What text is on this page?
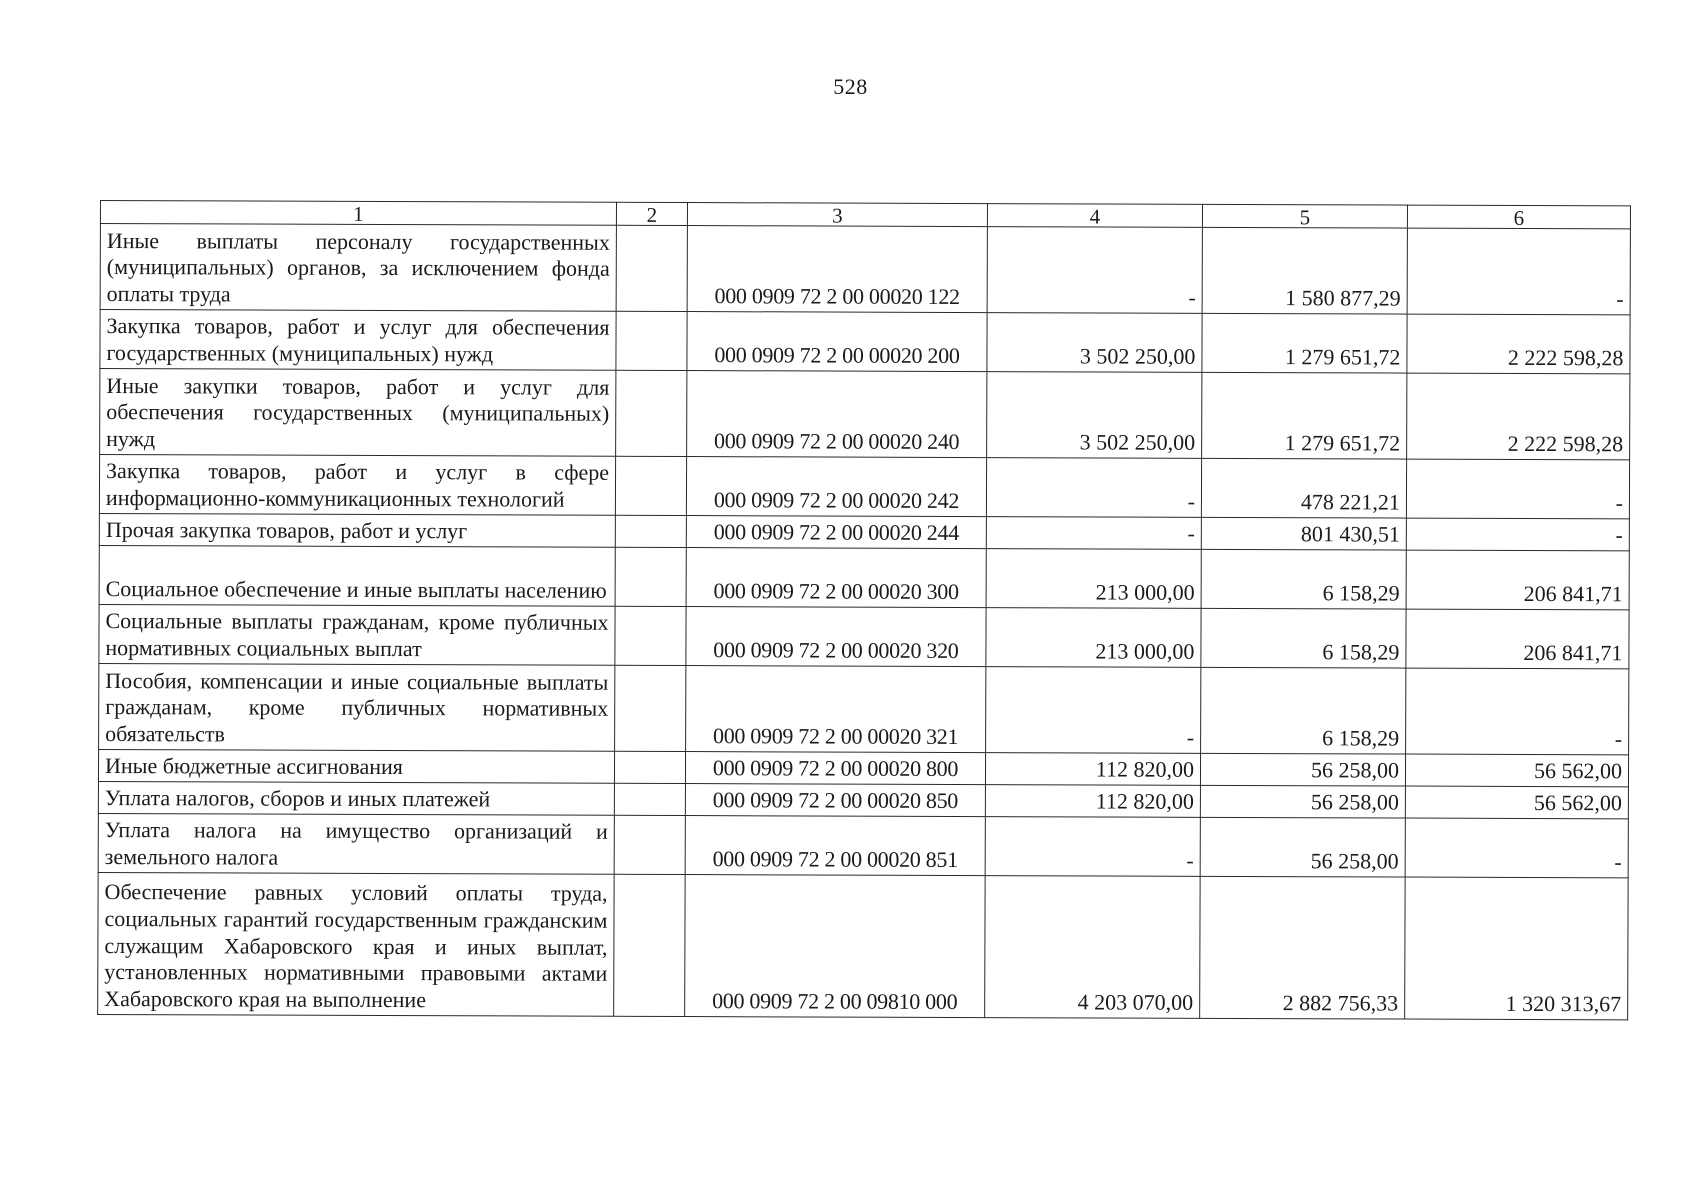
528
1	2	3	4	5	6
Иные выплаты персоналу государственных (муниципальных) органов, за исключением фонда оплаты труда		000 0909 72 2 00 00020 122	-	1 580 877,29	-
Закупка товаров, работ и услуг для обеспечения государственных (муниципальных) нужд		000 0909 72 2 00 00020 200	3 502 250,00	1 279 651,72	2 222 598,28
Иные закупки товаров, работ и услуг для обеспечения государственных (муниципальных) нужд		000 0909 72 2 00 00020 240	3 502 250,00	1 279 651,72	2 222 598,28
Закупка товаров, работ и услуг в сфере информационно-коммуникационных технологий		000 0909 72 2 00 00020 242	-	478 221,21	-
Прочая закупка товаров, работ и услуг		000 0909 72 2 00 00020 244	-	801 430,51	-
Социальное обеспечение и иные выплаты населению		000 0909 72 2 00 00020 300	213 000,00	6 158,29	206 841,71
Социальные выплаты гражданам, кроме публичных нормативных социальных выплат		000 0909 72 2 00 00020 320	213 000,00	6 158,29	206 841,71
Пособия, компенсации и иные социальные выплаты гражданам, кроме публичных нормативных обязательств		000 0909 72 2 00 00020 321	-	6 158,29	-
Иные бюджетные ассигнования		000 0909 72 2 00 00020 800	112 820,00	56 258,00	56 562,00
Уплата налогов, сборов и иных платежей		000 0909 72 2 00 00020 850	112 820,00	56 258,00	56 562,00
Уплата налога на имущество организаций и земельного налога		000 0909 72 2 00 00020 851	-	56 258,00	-
Обеспечение равных условий оплаты труда, социальных гарантий государственным гражданским служащим Хабаровского края и иных выплат, установленных нормативными правовыми актами Хабаровского края на выполнение		000 0909 72 2 00 09810 000	4 203 070,00	2 882 756,33	1 320 313,67
